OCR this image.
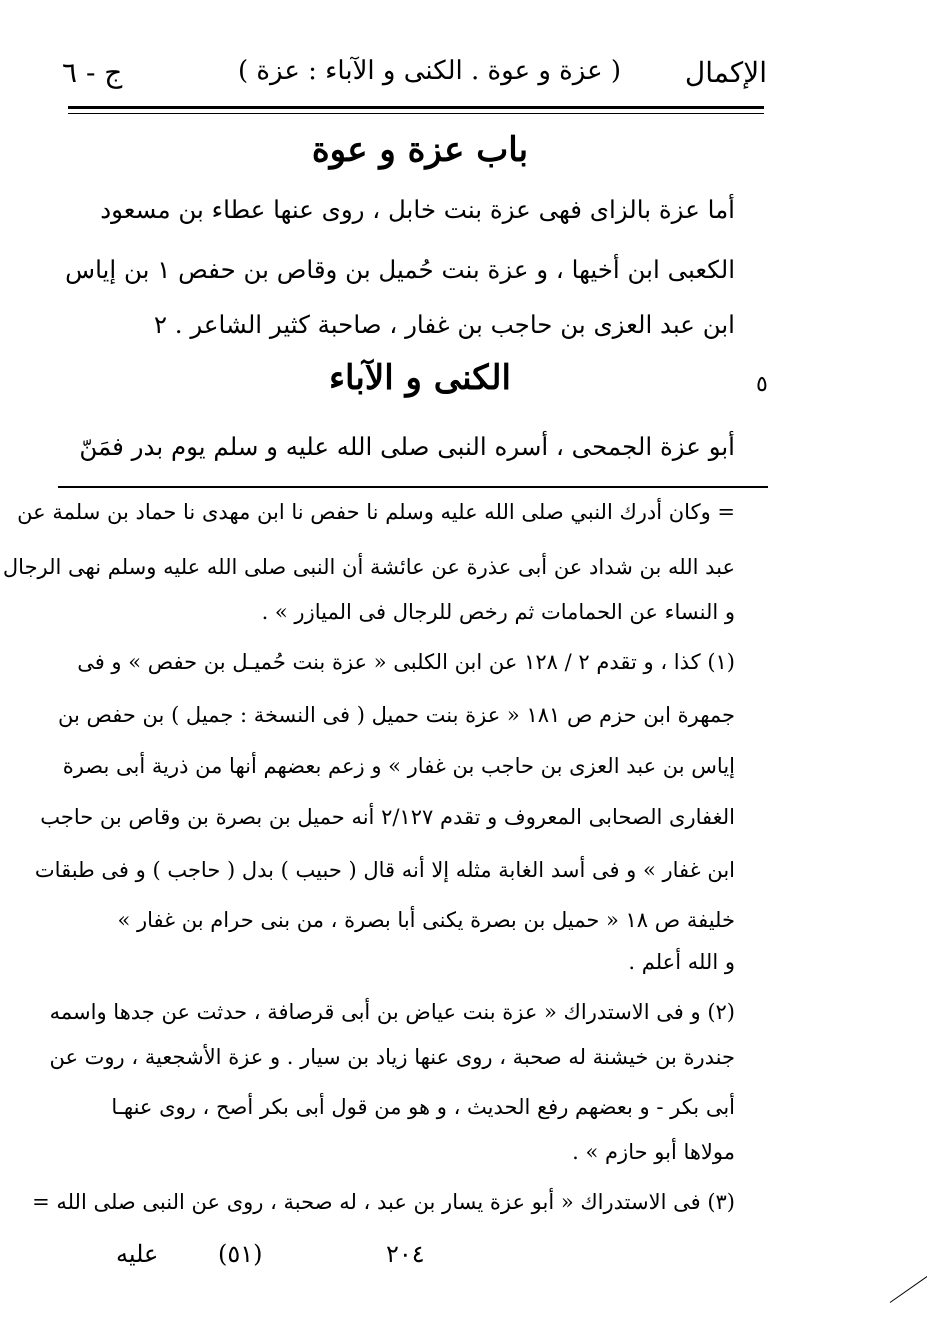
الإكمال
( عزة و عوة . الكنى و الآباء : عزة )
ج - ٦
باب عزة و عوة
أما عزة بالزاى فهى عزة بنت خابل ، روى عنها عطاء بن مسعود
الكعبى ابن أخيها ، و عزة بنت حُميل بن وقاص بن حفص ١ بن إياس
ابن عبد العزى بن حاجب بن غفار ، صاحبة كثير الشاعر . ٢
الكنى و الآباء	٥
أبو عزة الجمحى ، أسره النبى صلى الله عليه و سلم يوم بدر فمَنّ
= وكان أدرك النبي صلى الله عليه وسلم نا حفص نا ابن مهدى نا حماد بن سلمة عن
عبد الله بن شداد عن أبى عذرة عن عائشة أن النبى صلى الله عليه وسلم نهى الرجال
و النساء عن الحمامات ثم رخص للرجال فى الميازر » .
(١) كذا ، و تقدم ٢ / ١٢٨ عن ابن الكلبى « عزة بنت حُميـل بن حفص » و فى
جمهرة ابن حزم ص ١٨١ « عزة بنت حميل ( فى النسخة : جميل ) بن حفص بن
إياس بن عبد العزى بن حاجب بن غفار » و زعم بعضهم أنها من ذرية أبى بصرة
الغفارى الصحابى المعروف و تقدم ٢/١٢٧ أنه حميل بن بصرة بن وقاص بن حاجب
ابن غفار » و فى أسد الغابة مثله إلا أنه قال ( حبيب ) بدل ( حاجب ) و فى طبقات
خليفة ص ١٨ « حميل بن بصرة يكنى أبا بصرة ، من بنى حرام بن غفار »
و الله أعلم .
(٢) و فى الاستدراك « عزة بنت عياض بن أبى قرصافة ، حدثت عن جدها واسمه
جندرة بن خيشنة له صحبة ، روى عنها زياد بن سيار . و عزة الأشجعية ، روت عن
أبى بكر - و بعضهم رفع الحديث ، و هو من قول أبى بكر أصح ، روى عنهـا
مولاها أبو حازم » .
(٣) فى الاستدراك « أبو عزة يسار بن عبد ، له صحبة ، روى عن النبى صلى الله =
عليه (٥١)	٢٠٤
